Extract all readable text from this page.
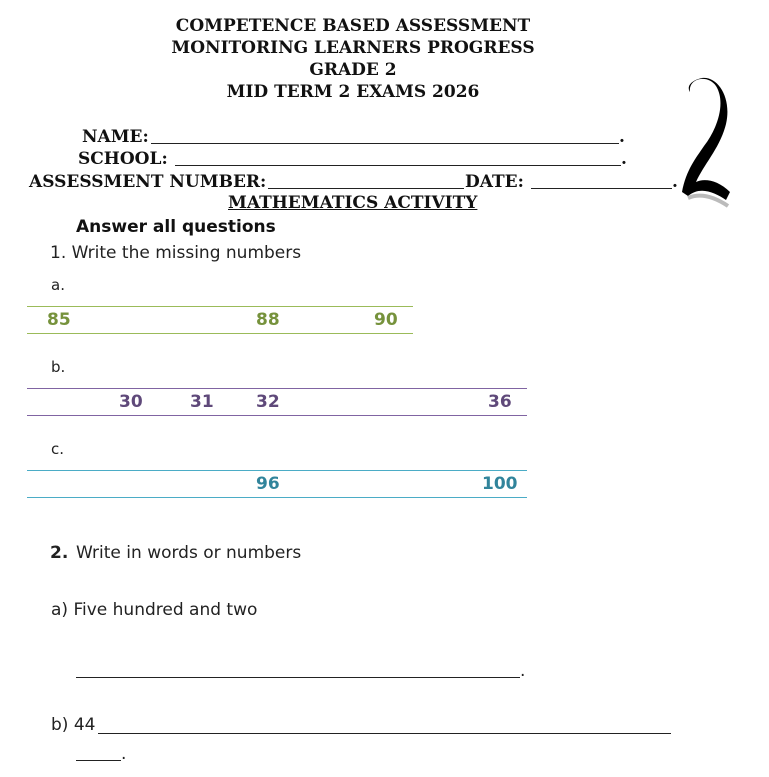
COMPETENCE BASED ASSESSMENT
MONITORING LEARNERS PROGRESS
GRADE 2
MID TERM 2 EXAMS 2026
NAME:	.
SCHOOL:	.
ASSESSMENT NUMBER:	DATE:	.
MATHEMATICS ACTIVITY
Answer all questions
1. Write the missing numbers
a.
85	88	90
b.
30	31 32	36
c.
96	100
2. Write in words or numbers
a) Five hundred and two
.
b) 44
.
